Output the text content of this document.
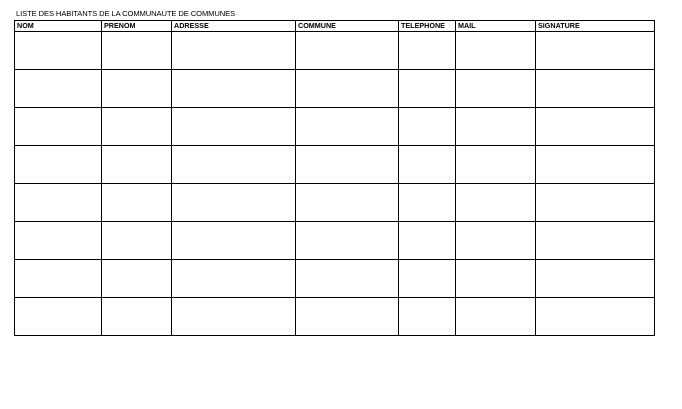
LISTE DES HABITANTS DE LA COMMUNAUTE DE COMMUNES
NOM	PRENOM	ADRESSE	COMMUNE	TELEPHONE	MAIL	SIGNATURE
